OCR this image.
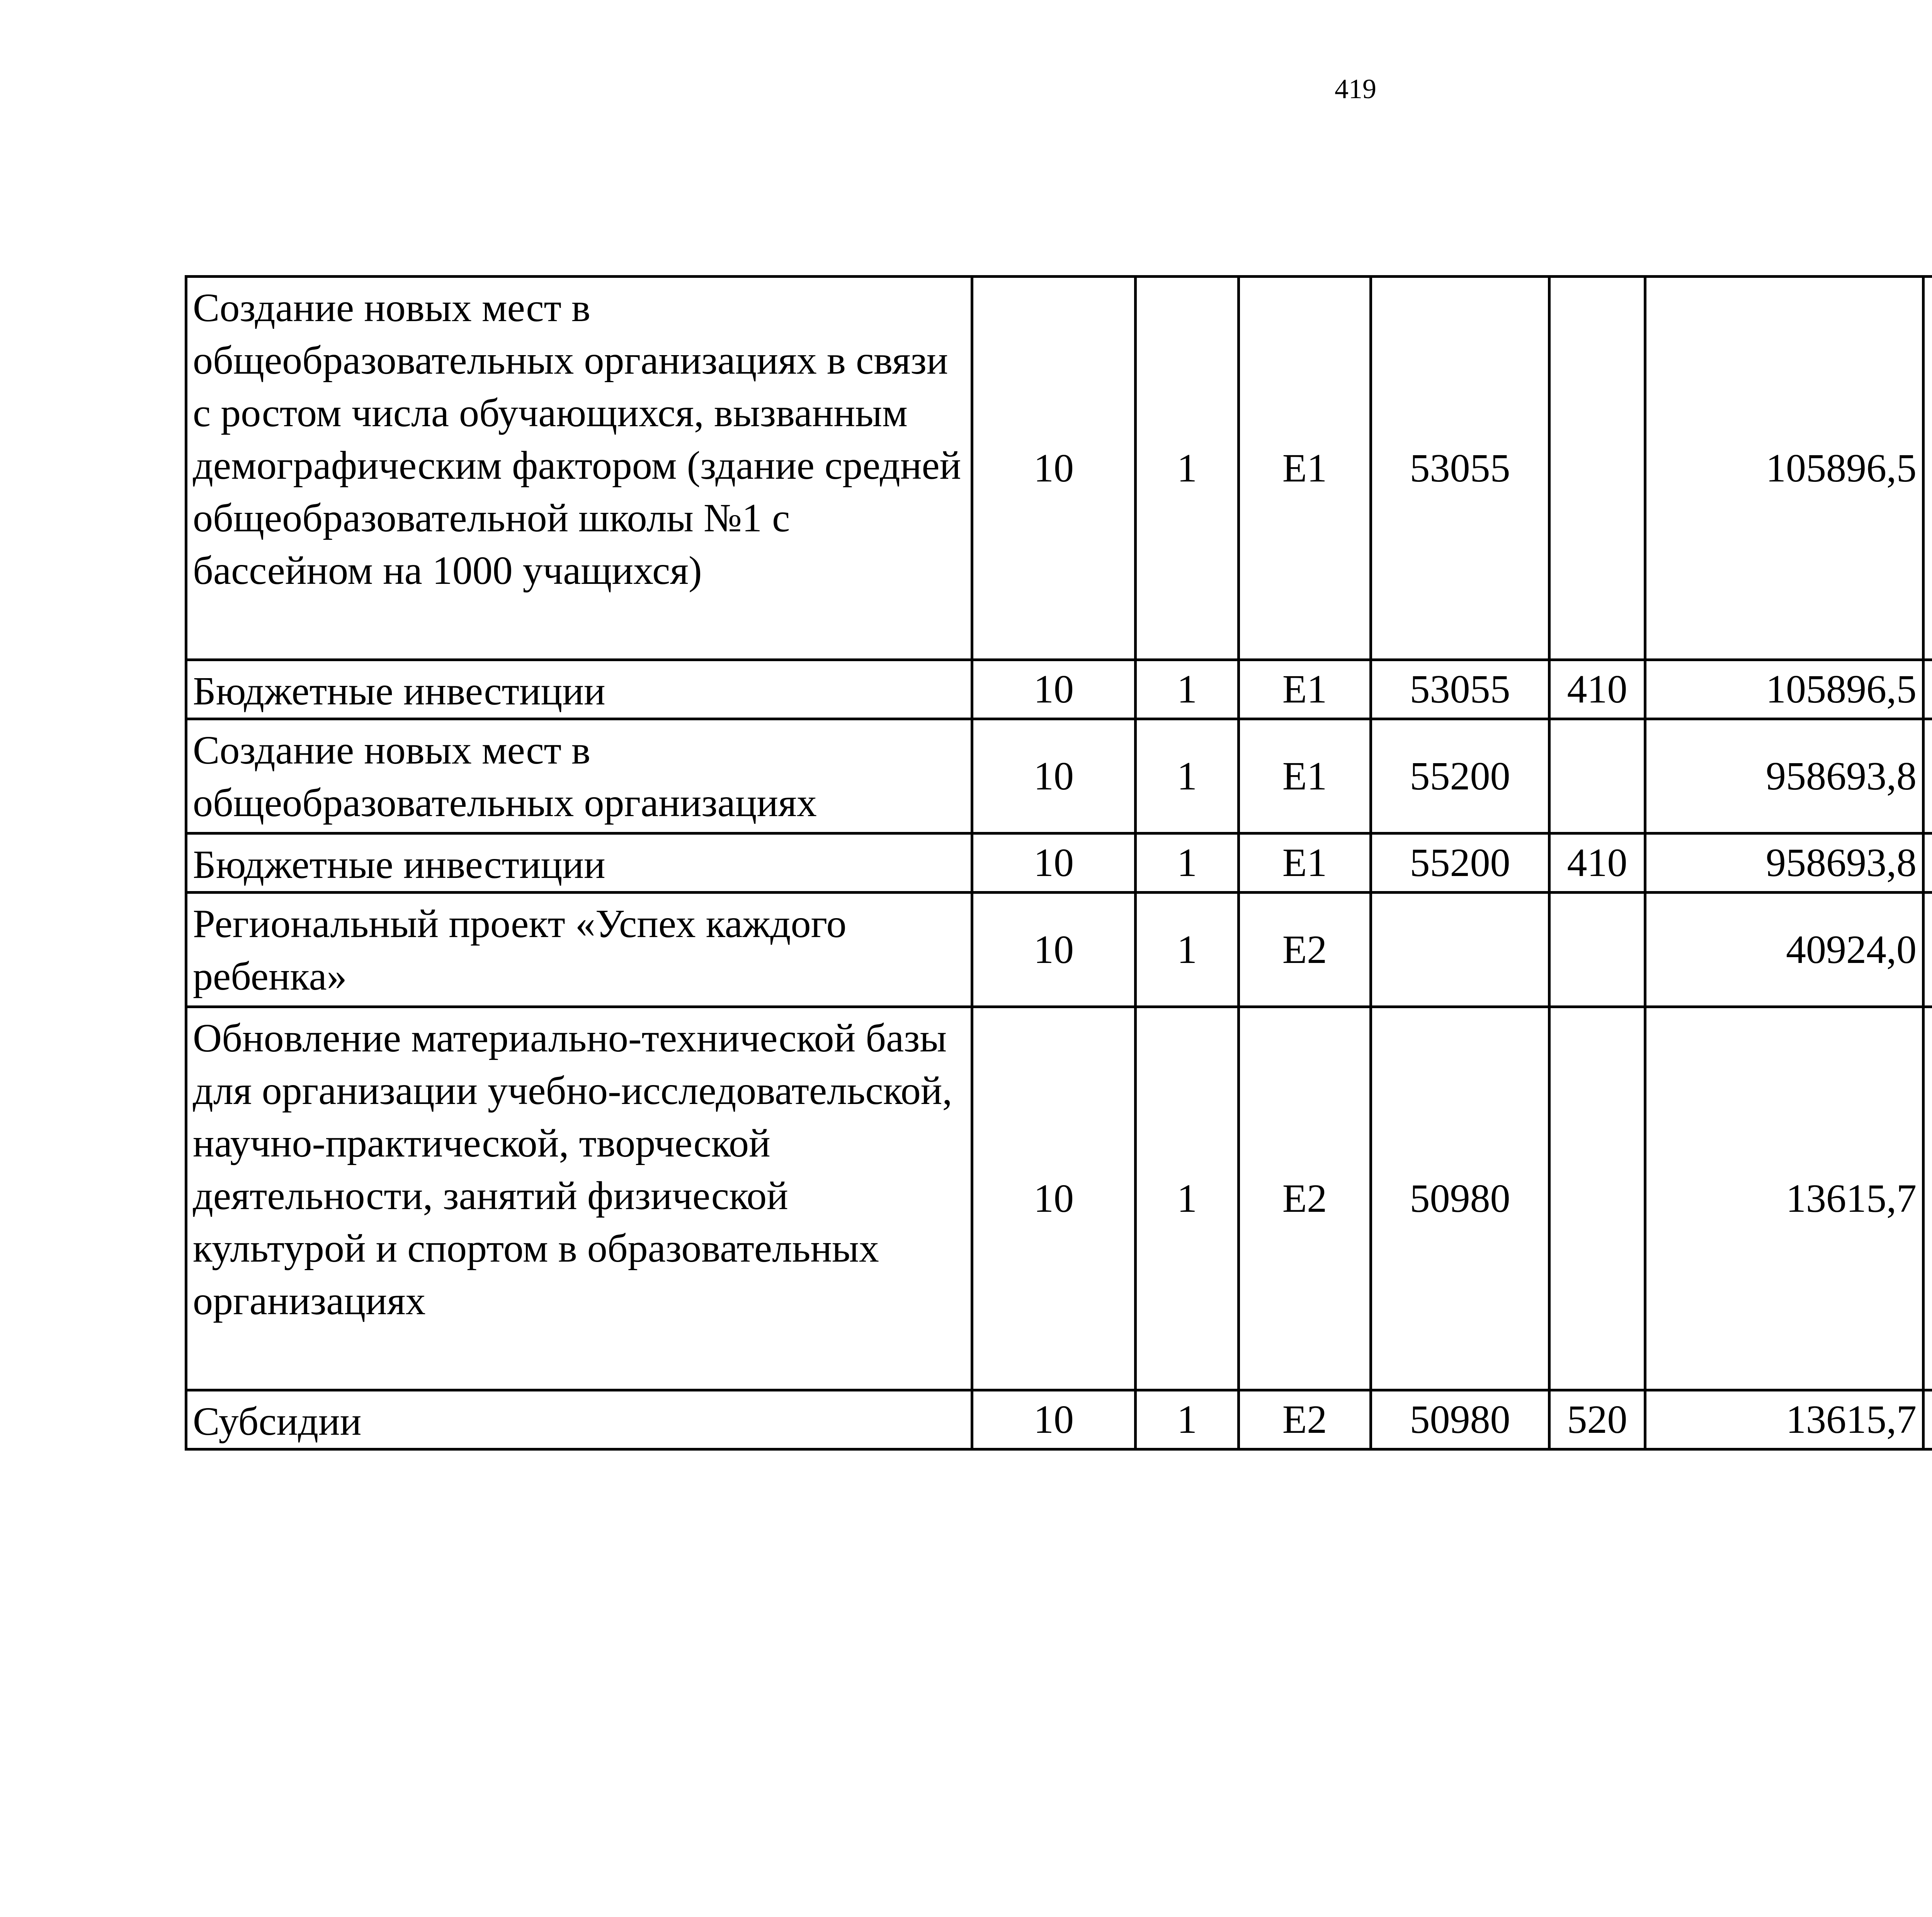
419
Создание новых мест в общеобразовательных организациях в связи с ростом числа обучающихся, вызванным демографическим фактором (здание средней общеобразовательной школы №1 с бассейном на 1000 учащихся)	10	1	Е1	53055		105896,5		
Бюджетные инвестиции	10	1	Е1	53055	410	105896,5		
Создание новых мест в общеобразовательных организациях	10	1	Е1	55200		958693,8		
Бюджетные инвестиции	10	1	Е1	55200	410	958693,8		
Региональный проект «Успех каждого ребенка»	10	1	Е2			40924,0		
Обновление материально-технической базы для организации учебно-исследовательской, научно-практической, творческой деятельности, занятий физической культурой и спортом в образовательных организациях	10	1	Е2	50980		13615,7		
Субсидии	10	1	Е2	50980	520	13615,7		
